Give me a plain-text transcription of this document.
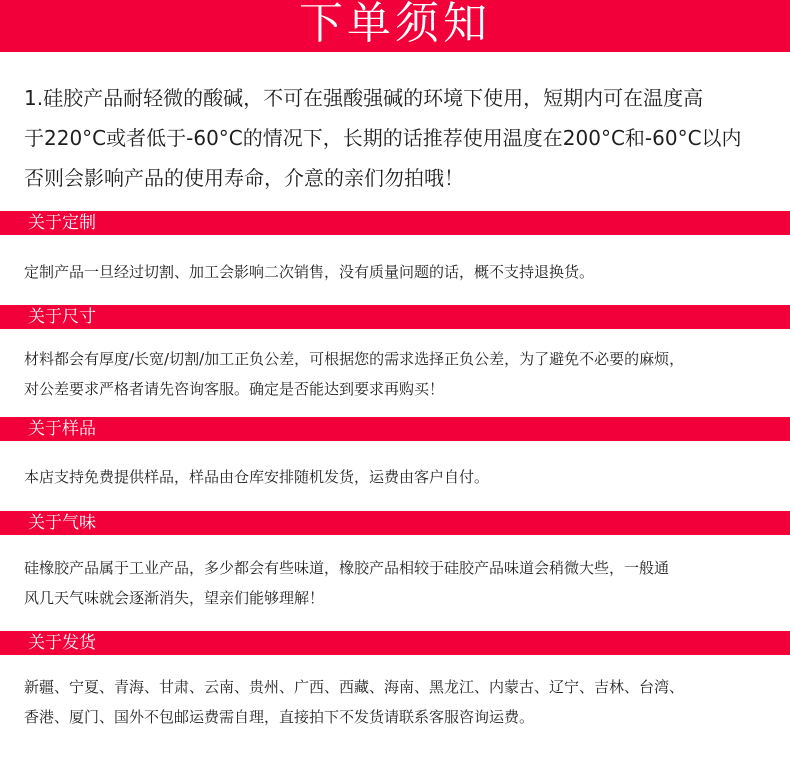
下单须知
1.硅胶产品耐轻微的酸碱，不可在强酸强碱的环境下使用，短期内可在温度高
于220°C或者低于-60°C的情况下，长期的话推荐使用温度在200°C和-60°C以内
否则会影响产品的使用寿命，介意的亲们勿拍哦！
关于定制
定制产品一旦经过切割、加工会影响二次销售，没有质量问题的话，概不支持退换货。
关于尺寸
材料都会有厚度/长宽/切割/加工正负公差，可根据您的需求选择正负公差，为了避免不必要的麻烦，
对公差要求严格者请先咨询客服。确定是否能达到要求再购买！
关于样品
本店支持免费提供样品，样品由仓库安排随机发货，运费由客户自付。
关于气味
硅橡胶产品属于工业产品，多少都会有些味道，橡胶产品相较于硅胶产品味道会稍微大些，一般通
风几天气味就会逐渐消失，望亲们能够理解！
关于发货
新疆、宁夏、青海、甘肃、云南、贵州、广西、西藏、海南、黑龙江、内蒙古、辽宁、吉林、台湾、
香港、厦门、国外不包邮运费需自理，直接拍下不发货请联系客服咨询运费。
